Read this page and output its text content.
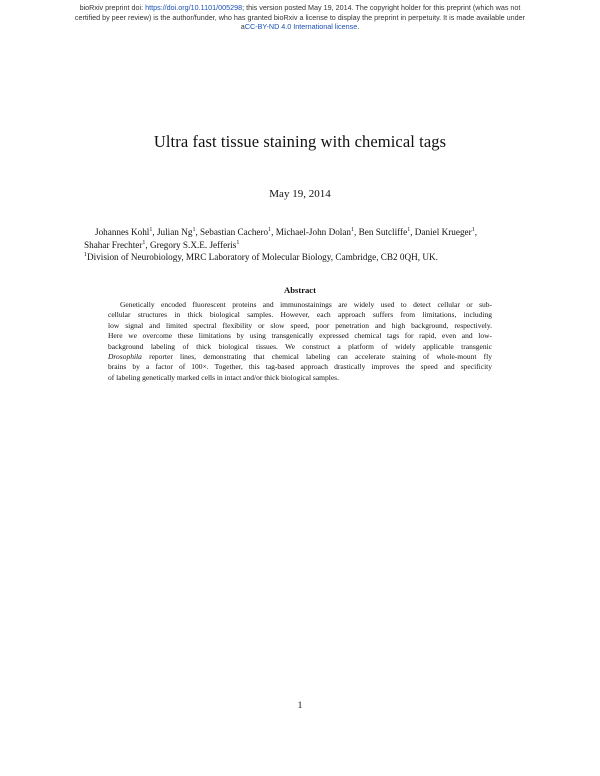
bioRxiv preprint doi: https://doi.org/10.1101/005298; this version posted May 19, 2014. The copyright holder for this preprint (which was not
certified by peer review) is the author/funder, who has granted bioRxiv a license to display the preprint in perpetuity. It is made available under
aCC-BY-ND 4.0 International license.
Ultra fast tissue staining with chemical tags
May 19, 2014
Johannes Kohl$^1$, Julian Ng$^1$, Sebastian Cachero$^1$, Michael-John Dolan$^1$, Ben Sutcliffe$^1$, Daniel Krueger$^1$,
Shahar Frechter$^1$, Gregory S.X.E. Jefferis$^1$
$^1$Division of Neurobiology, MRC Laboratory of Molecular Biology, Cambridge, CB2 0QH, UK.
Abstract
Genetically encoded fluorescent proteins and immunostainings are widely used to detect cellular or sub-
cellular structures in thick biological samples. However, each approach suffers from limitations, including
low signal and limited spectral flexibility or slow speed, poor penetration and high background, respectively.
Here we overcome these limitations by using transgenically expressed chemical tags for rapid, even and low-
background labeling of thick biological tissues. We construct a platform of widely applicable transgenic
Drosophila reporter lines, demonstrating that chemical labeling can accelerate staining of whole-mount fly
brains by a factor of 100×. Together, this tag-based approach drastically improves the speed and specificity
of labeling genetically marked cells in intact and/or thick biological samples.
1
